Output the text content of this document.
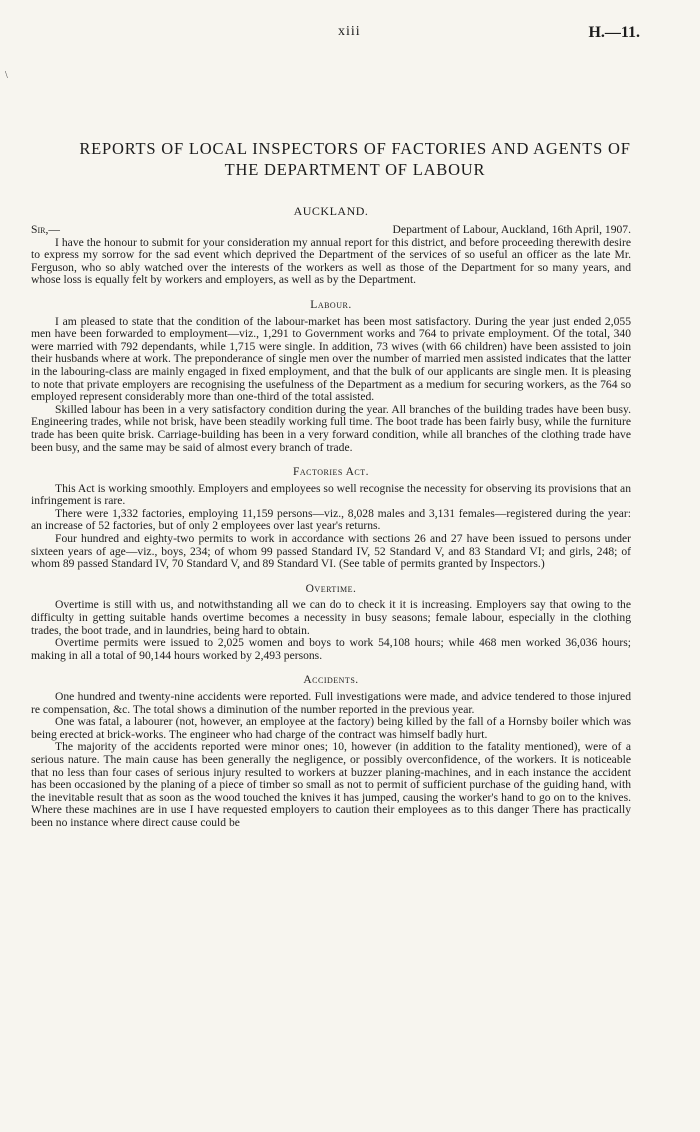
xiii	H.—11.
\
REPORTS OF LOCAL INSPECTORS OF FACTORIES AND AGENTS OF
THE DEPARTMENT OF LABOUR
AUCKLAND.
Sir,—	Department of Labour, Auckland, 16th April, 1907.

I have the honour to submit for your consideration my annual report for this district, and before proceeding therewith desire to express my sorrow for the sad event which deprived the Department of the services of so useful an officer as the late Mr. Ferguson, who so ably watched over the interests of the workers as well as those of the Department for so many years, and whose loss is equally felt by workers and employers, as well as by the Department.

Labour.

I am pleased to state that the condition of the labour-market has been most satisfactory. During the year just ended 2,055 men have been forwarded to employment—viz., 1,291 to Government works and 764 to private employment. Of the total, 340 were married with 792 dependants, while 1,715 were single. In addition, 73 wives (with 66 children) have been assisted to join their husbands where at work. The preponderance of single men over the number of married men assisted indicates that the latter in the labouring-class are mainly engaged in fixed employment, and that the bulk of our applicants are single men. It is pleasing to note that private employers are recognising the usefulness of the Department as a medium for securing workers, as the 764 so employed represent considerably more than one-third of the total assisted.

Skilled labour has been in a very satisfactory condition during the year. All branches of the building trades have been busy. Engineering trades, while not brisk, have been steadily working full time. The boot trade has been fairly busy, while the furniture trade has been quite brisk. Carriage-building has been in a very forward condition, while all branches of the clothing trade have been busy, and the same may be said of almost every branch of trade.

Factories Act.

This Act is working smoothly. Employers and employees so well recognise the necessity for observing its provisions that an infringement is rare.

There were 1,332 factories, employing 11,159 persons—viz., 8,028 males and 3,131 females—registered during the year: an increase of 52 factories, but of only 2 employees over last year's returns.

Four hundred and eighty-two permits to work in accordance with sections 26 and 27 have been issued to persons under sixteen years of age—viz., boys, 234; of whom 99 passed Standard IV, 52 Standard V, and 83 Standard VI; and girls, 248; of whom 89 passed Standard IV, 70 Standard V, and 89 Standard VI. (See table of permits granted by Inspectors.)

Overtime.

Overtime is still with us, and notwithstanding all we can do to check it it is increasing. Employers say that owing to the difficulty in getting suitable hands overtime becomes a necessity in busy seasons; female labour, especially in the clothing trades, the boot trade, and in laundries, being hard to obtain.

Overtime permits were issued to 2,025 women and boys to work 54,108 hours; while 468 men worked 36,036 hours; making in all a total of 90,144 hours worked by 2,493 persons.

Accidents.

One hundred and twenty-nine accidents were reported. Full investigations were made, and advice tendered to those injured re compensation, &c. The total shows a diminution of the number reported in the previous year.

One was fatal, a labourer (not, however, an employee at the factory) being killed by the fall of a Hornsby boiler which was being erected at brick-works. The engineer who had charge of the contract was himself badly hurt.

The majority of the accidents reported were minor ones; 10, however (in addition to the fatality mentioned), were of a serious nature. The main cause has been generally the negligence, or possibly overconfidence, of the workers. It is noticeable that no less than four cases of serious injury resulted to workers at buzzer planing-machines, and in each instance the accident has been occasioned by the planing of a piece of timber so small as not to permit of sufficient purchase of the guiding hand, with the inevitable result that as soon as the wood touched the knives it has jumped, causing the worker's hand to go on to the knives. Where these machines are in use I have requested employers to caution their employees as to this danger There has practically been no instance where direct cause could be
